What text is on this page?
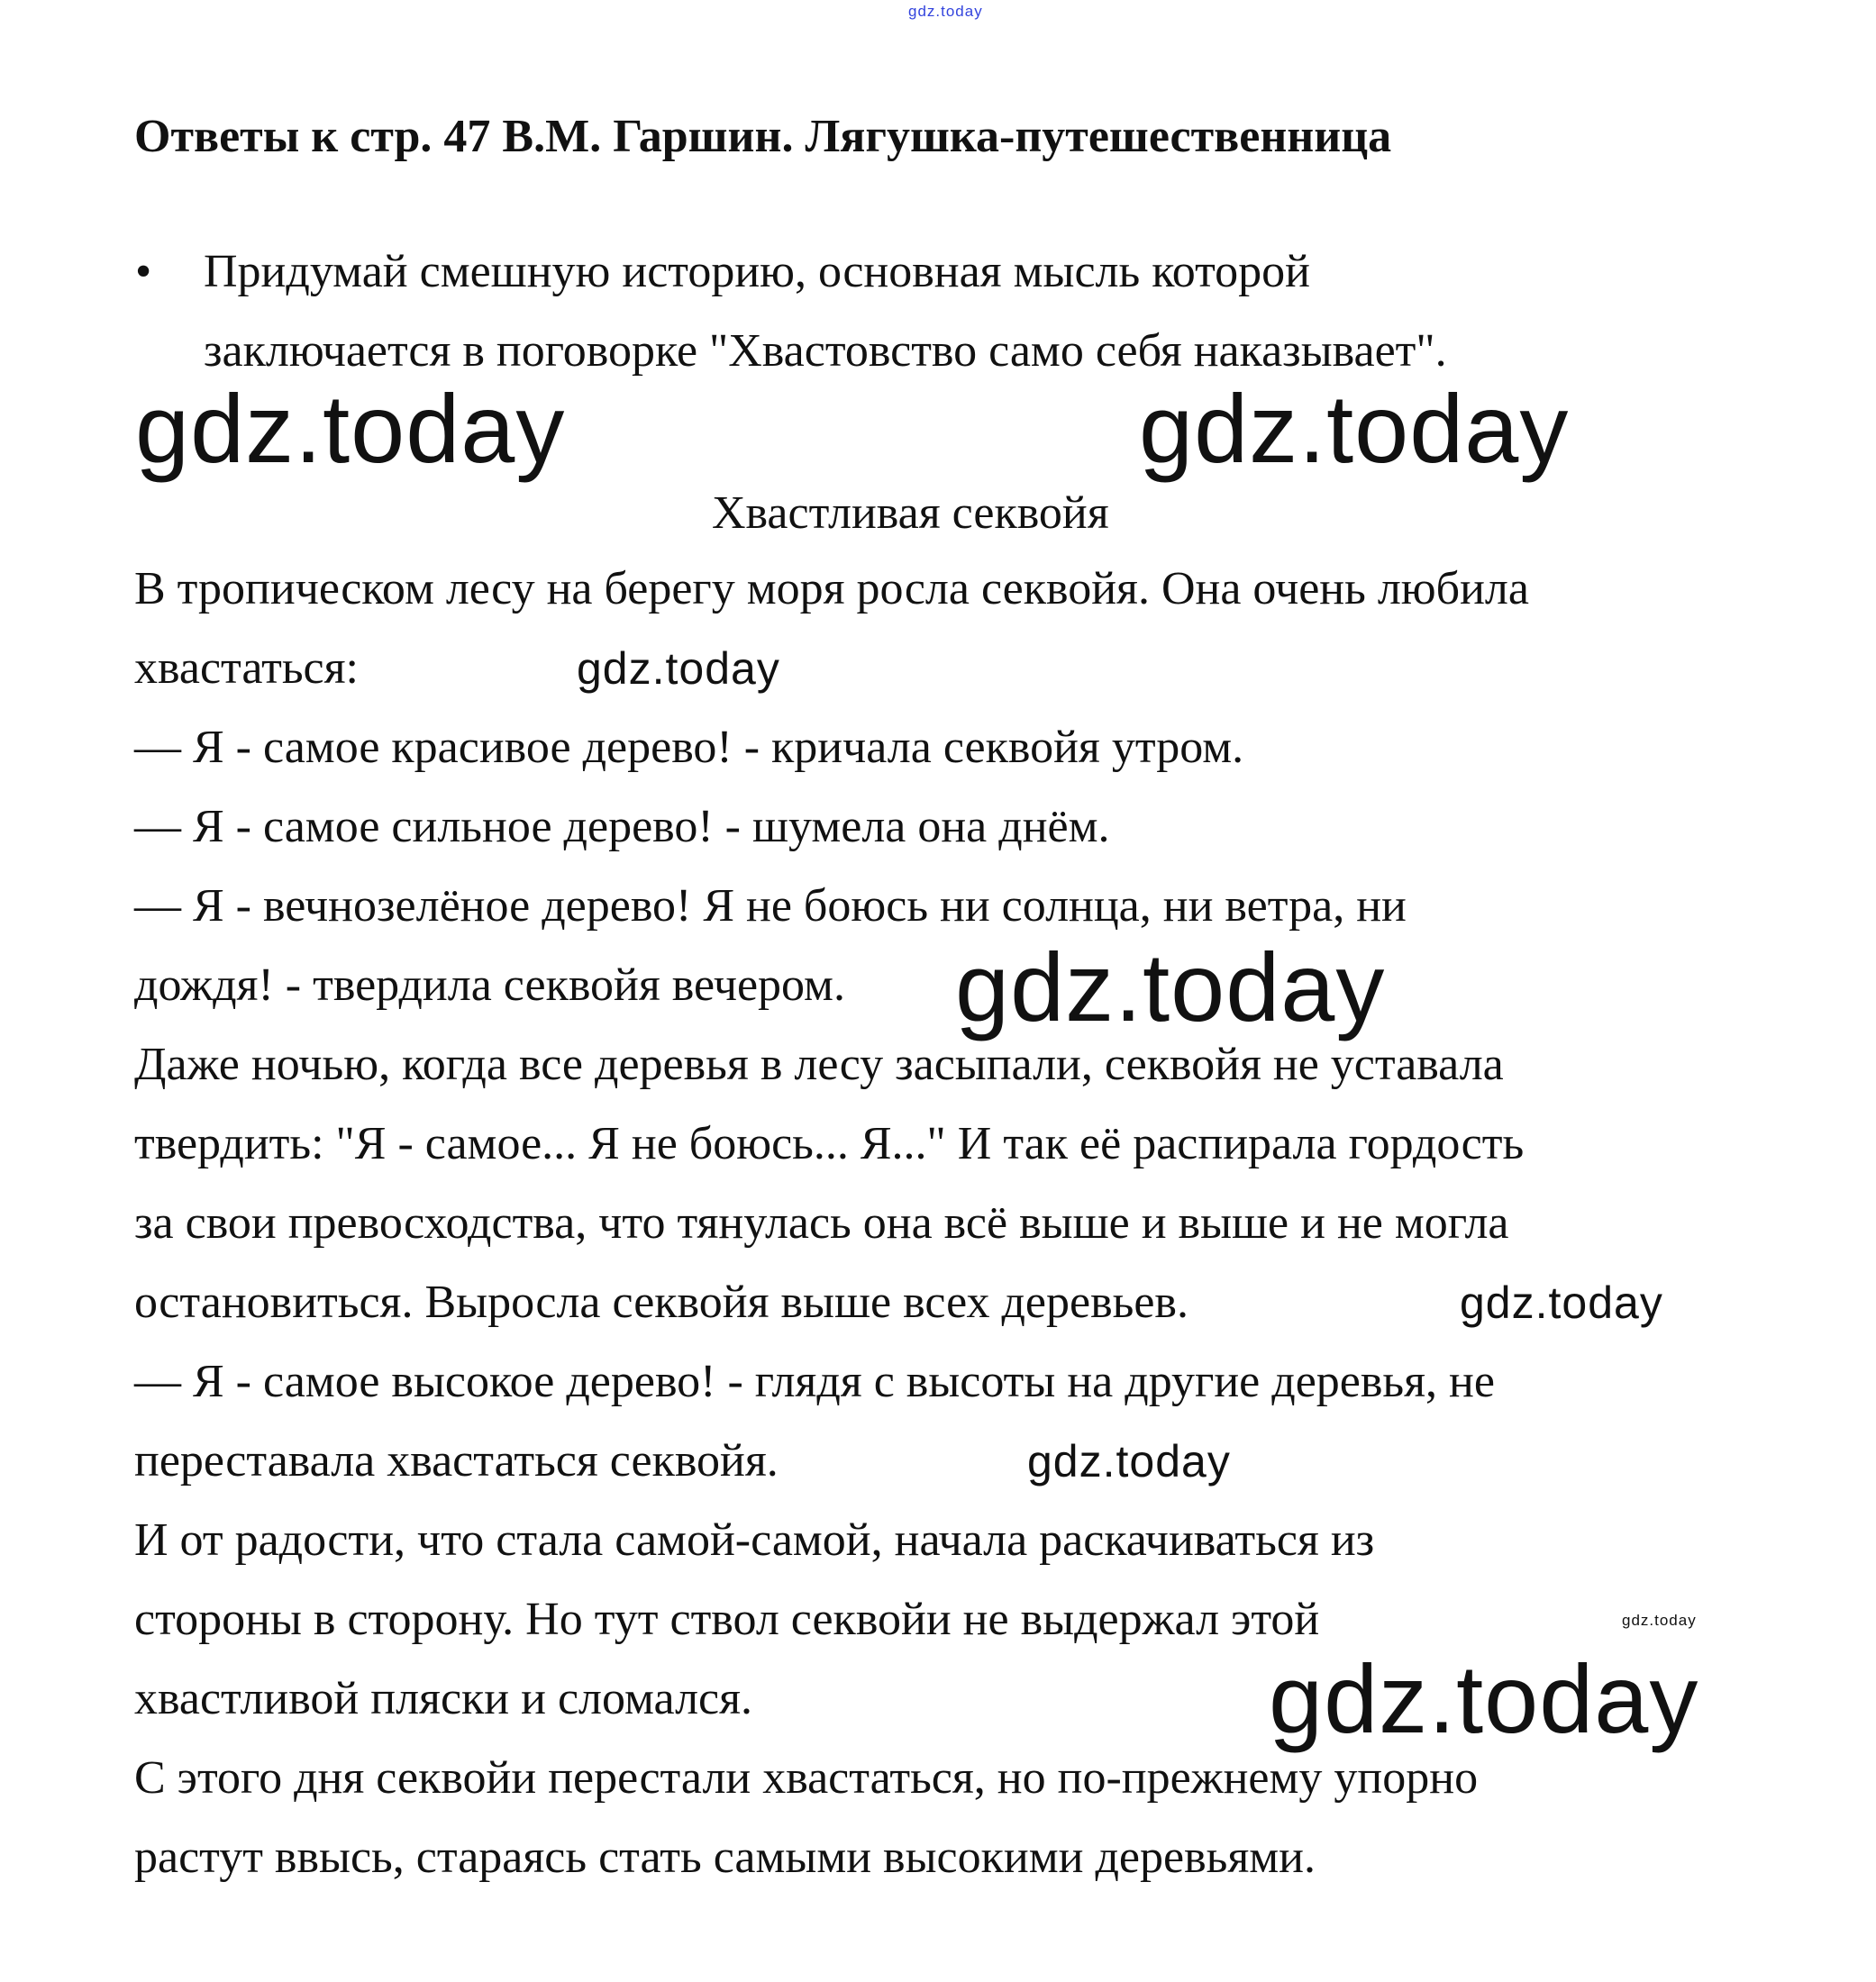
gdz.today
Ответы к стр. 47 В.М. Гаршин. Лягушка-путешественница
• Придумай смешную историю, основная мысль которой
заключается в поговорке "Хвастовство само себя наказывает".
gdz.today	gdz.today
Хвастливая секвойя
В тропическом лесу на берегу моря росла секвойя. Она очень любила
хвастаться:
— Я - самое красивое дерево! - кричала секвойя утром.
— Я - самое сильное дерево! - шумела она днём.
— Я - вечнозелёное дерево! Я не боюсь ни солнца, ни ветра, ни
дождя! - твердила секвойя вечером.
Даже ночью, когда все деревья в лесу засыпали, секвойя не уставала
твердить: "Я - самое... Я не боюсь... Я..." И так её распирала гордость
за свои превосходства, что тянулась она всё выше и выше и не могла
остановиться. Выросла секвойя выше всех деревьев.
— Я - самое высокое дерево! - глядя с высоты на другие деревья, не
переставала хвастаться секвойя.
И от радости, что стала самой-самой, начала раскачиваться из
стороны в сторону. Но тут ствол секвойи не выдержал этой
хвастливой пляски и сломался.
С этого дня секвойи перестали хвастаться, но по-прежнему упорно
растут ввысь, стараясь стать самыми высокими деревьями.
gdz.today
gdz.today
gdz.today
gdz.today
gdz.today
gdz.today
